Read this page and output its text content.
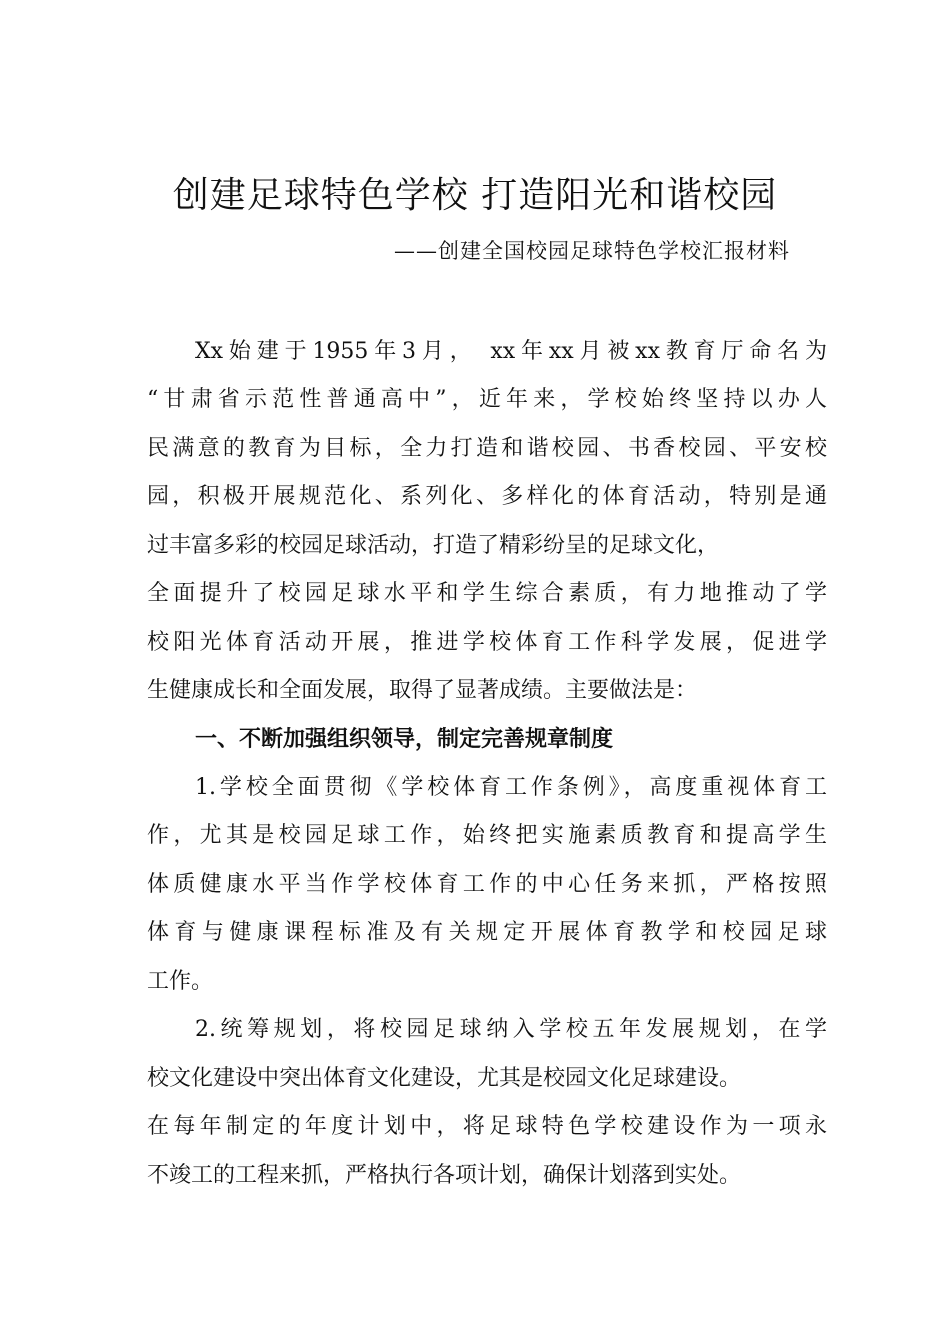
创建足球特色学校 打造阳光和谐校园
——创建全国校园足球特色学校汇报材料
Xx始建于1955年3月， xx年xx月被xx教育厅命名为
“甘肃省示范性普通高中”，近年来，学校始终坚持以办人
民满意的教育为目标，全力打造和谐校园、书香校园、平安校
园，积极开展规范化、系列化、多样化的体育活动，特别是通
过丰富多彩的校园足球活动，打造了精彩纷呈的足球文化，
全面提升了校园足球水平和学生综合素质，有力地推动了学
校阳光体育活动开展，推进学校体育工作科学发展，促进学
生健康成长和全面发展，取得了显著成绩。主要做法是：
一、不断加强组织领导，制定完善规章制度
1.学校全面贯彻《学校体育工作条例》，高度重视体育工
作，尤其是校园足球工作，始终把实施素质教育和提高学生
体质健康水平当作学校体育工作的中心任务来抓，严格按照
体育与健康课程标准及有关规定开展体育教学和校园足球
工作。
2.统筹规划，将校园足球纳入学校五年发展规划，在学
校文化建设中突出体育文化建设，尤其是校园文化足球建设。
在每年制定的年度计划中，将足球特色学校建设作为一项永
不竣工的工程来抓，严格执行各项计划，确保计划落到实处。
